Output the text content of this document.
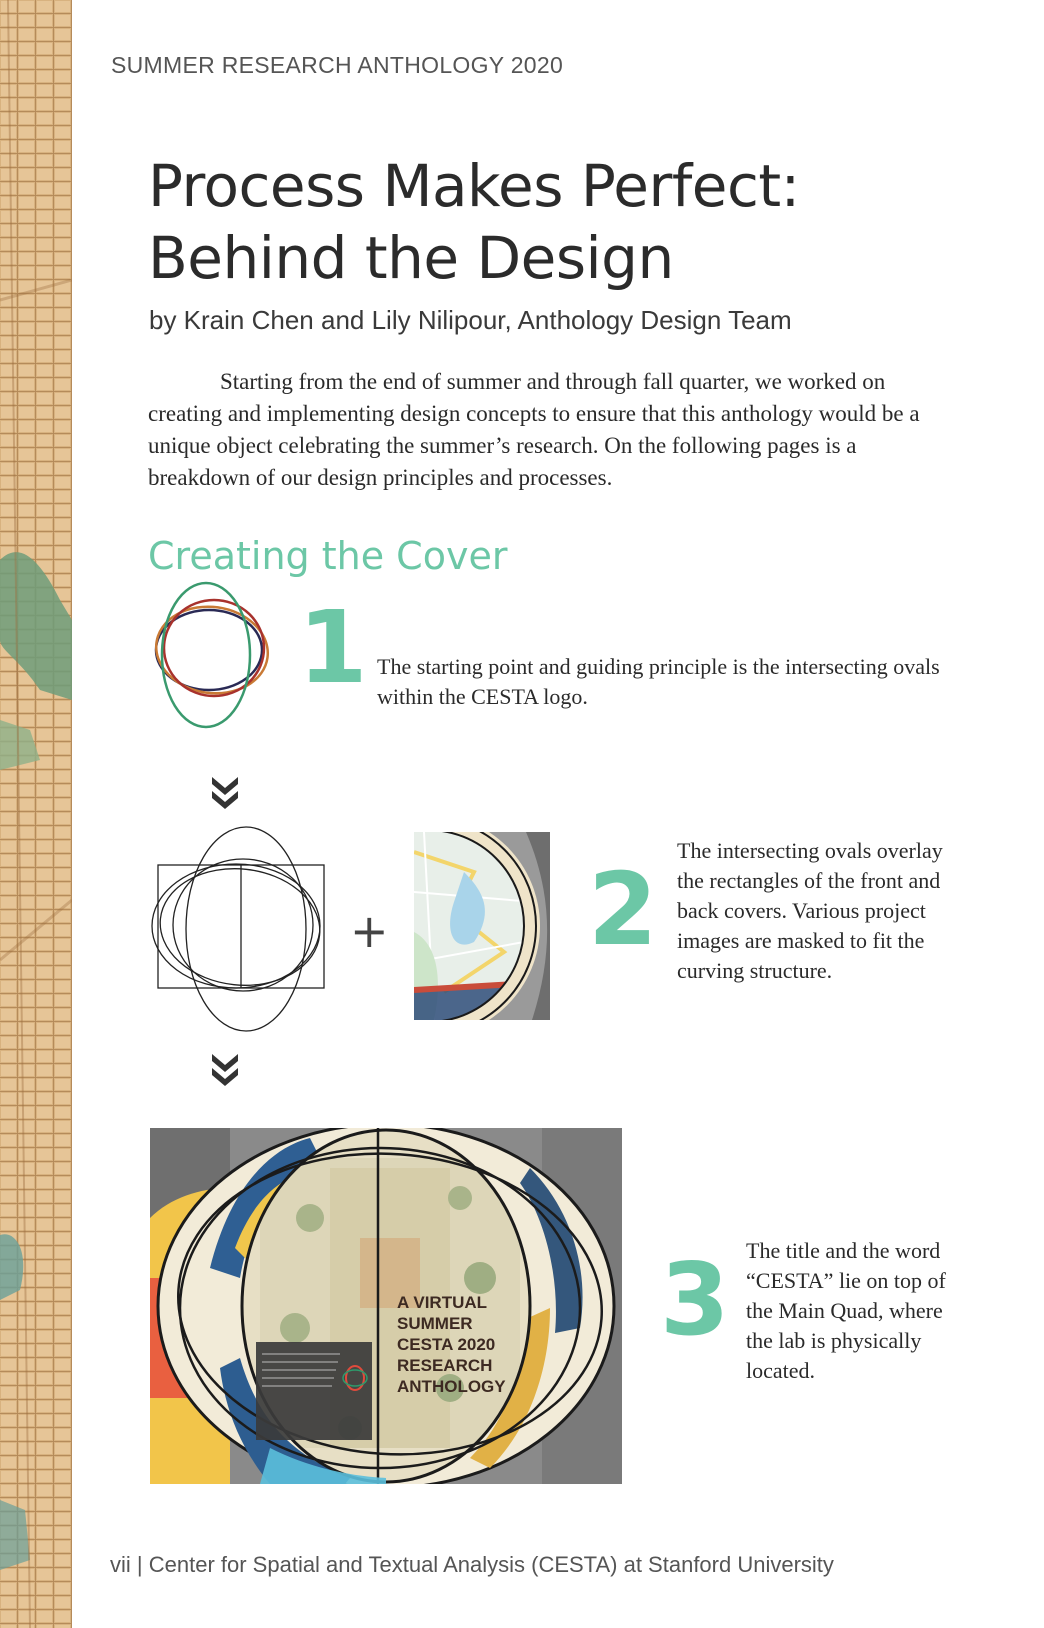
SUMMER RESEARCH ANTHOLOGY 2020
Process Makes Perfect:
Behind the Design
by Krain Chen and Lily Nilipour, Anthology Design Team

Starting from the end of summer and through fall quarter, we worked on creating and implementing design concepts to ensure that this anthology would be a unique object celebrating the summer’s research. On the following pages is a breakdown of our design principles and processes.

Creating the Cover
1 The starting point and guiding principle is the intersecting ovals within the CESTA logo.

+ 2

The intersecting ovals overlay the rectangles of the front and back covers. Various project images are masked to fit the curving structure.

A VIRTUAL
SUMMER
CESTA 2020
RESEARCH
ANTHOLOGY
3 The title and the word “CESTA” lie on top of the Main Quad, where the lab is physically located.

vii | Center for Spatial and Textual Analysis (CESTA) at Stanford University
